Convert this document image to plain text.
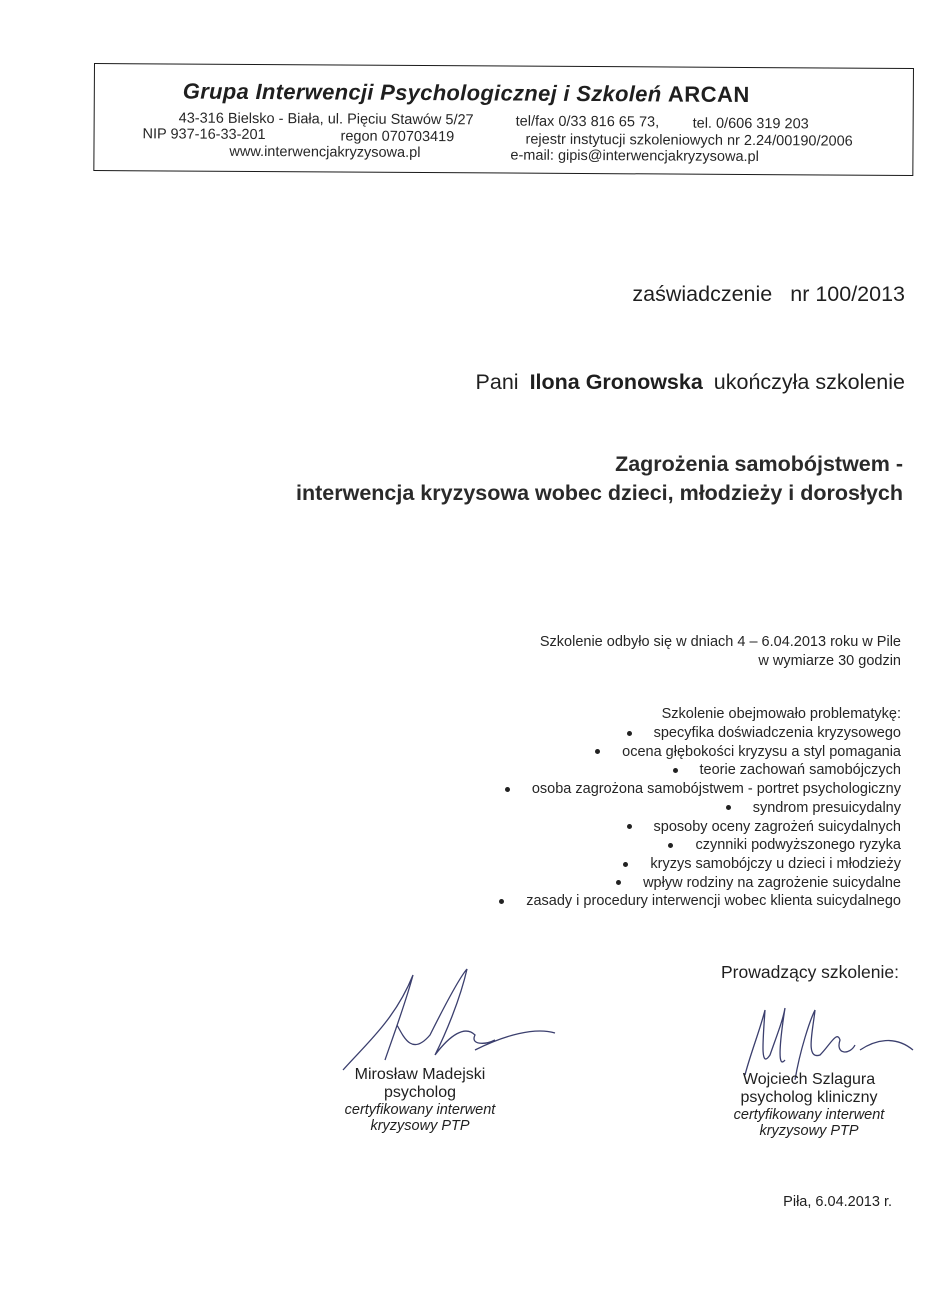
Grupa Interwencji Psychologicznej i Szkoleń ARCAN
43-316 Bielsko - Biała, ul. Pięciu Stawów 5/27	tel/fax 0/33 816 65 73, tel. 0/606 319 203
NIP 937-16-33-201	regon 070703419	rejestr instytucji szkoleniowych nr 2.24/00190/2006
www.interwencjakryzysowa.pl	e-mail: gipis@interwencjakryzysowa.pl
zaświadczenie nr 100/2013
Pani Ilona Gronowska ukończyła szkolenie
Zagrożenia samobójstwem -
interwencja kryzysowa wobec dzieci, młodzieży i dorosłych
Szkolenie odbyło się w dniach 4 – 6.04.2013 roku w Pile
w wymiarze 30 godzin
Szkolenie obejmowało problematykę:
specyfika doświadczenia kryzysowego
ocena głębokości kryzysu a styl pomagania
teorie zachowań samobójczych
osoba zagrożona samobójstwem - portret psychologiczny
syndrom presuicydalny
sposoby oceny zagrożeń suicydalnych
czynniki podwyższonego ryzyka
kryzys samobójczy u dzieci i młodzieży
wpływ rodziny na zagrożenie suicydalne
zasady i procedury interwencji wobec klienta suicydalnego
Prowadzący szkolenie:
Mirosław Madejski
psycholog
certyfikowany interwent
kryzysowy PTP
Wojciech Szlagura
psycholog kliniczny
certyfikowany interwent
kryzysowy PTP
Piła, 6.04.2013 r.
